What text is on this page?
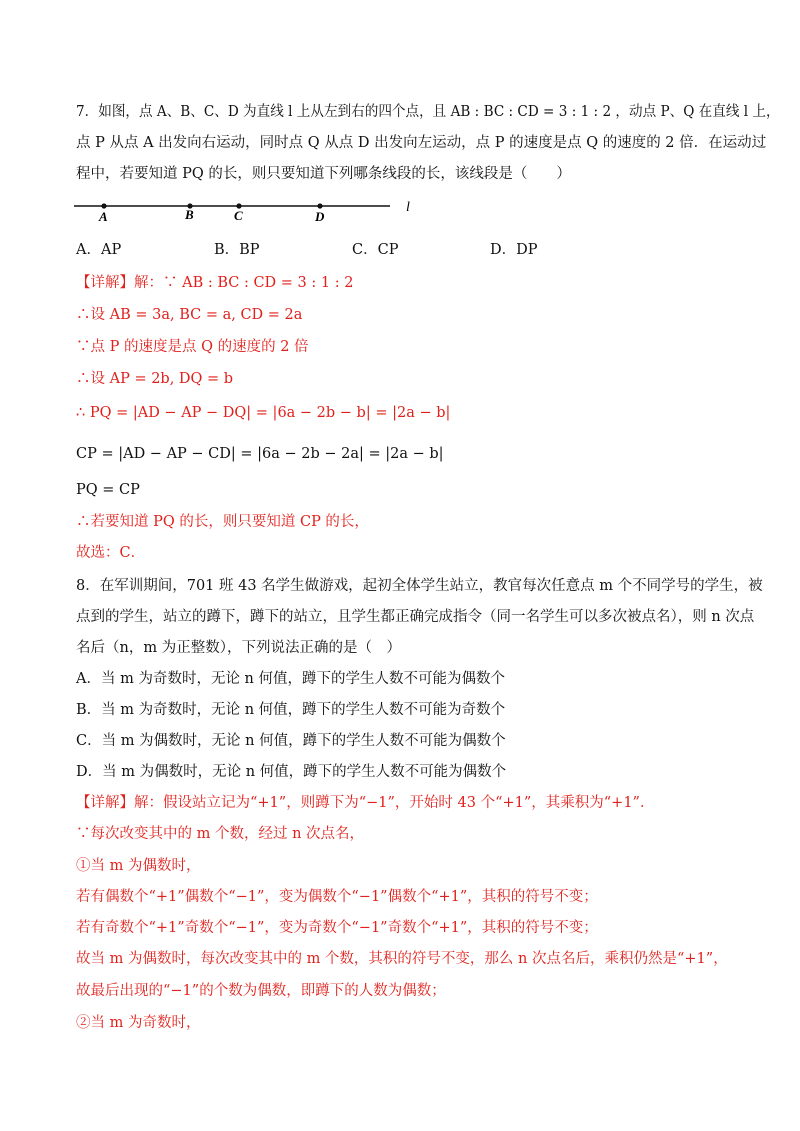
7．如图，点 A、B、C、D 为直线 l 上从左到右的四个点，且 AB : BC : CD = 3 : 1 : 2 ，动点 P、Q 在直线 l 上，
点 P 从点 A 出发向右运动，同时点 Q 从点 D 出发向左运动，点 P 的速度是点 Q 的速度的 2 倍．在运动过
程中，若要知道 PQ 的长，则只要知道下列哪条线段的长，该线段是（　　）
A	B	C	D
l
A．AP	B．BP	C．CP	D．DP
【详解】解：∵ AB : BC : CD = 3 : 1 : 2
∴设 AB = 3a, BC = a, CD = 2a
∵点 P 的速度是点 Q 的速度的 2 倍
∴设 AP = 2b, DQ = b
∴ PQ = |AD − AP − DQ| = |6a − 2b − b| = |2a − b|
CP = |AD − AP − CD| = |6a − 2b − 2a| = |2a − b|
PQ = CP
∴若要知道 PQ 的长，则只要知道 CP 的长，
故选：C．
8．在军训期间，701 班 43 名学生做游戏，起初全体学生站立，教官每次任意点 m 个不同学号的学生，被
点到的学生，站立的蹲下，蹲下的站立，且学生都正确完成指令（同一名学生可以多次被点名），则 n 次点
名后（n，m 为正整数），下列说法正确的是（　）
A．当 m 为奇数时，无论 n 何值，蹲下的学生人数不可能为偶数个
B．当 m 为奇数时，无论 n 何值，蹲下的学生人数不可能为奇数个
C．当 m 为偶数时，无论 n 何值，蹲下的学生人数不可能为偶数个
D．当 m 为偶数时，无论 n 何值，蹲下的学生人数不可能为偶数个
【详解】解：假设站立记为“+1”，则蹲下为“−1”，开始时 43 个“+1”，其乘积为“+1”．
∵每次改变其中的 m 个数，经过 n 次点名，
①当 m 为偶数时，
若有偶数个“+1”偶数个“−1”，变为偶数个“−1”偶数个“+1”，其积的符号不变；
若有奇数个“+1”奇数个“−1”，变为奇数个“−1”奇数个“+1”，其积的符号不变；
故当 m 为偶数时，每次改变其中的 m 个数，其积的符号不变，那么 n 次点名后，乘积仍然是“+1”，
故最后出现的“−1”的个数为偶数，即蹲下的人数为偶数；
②当 m 为奇数时，
